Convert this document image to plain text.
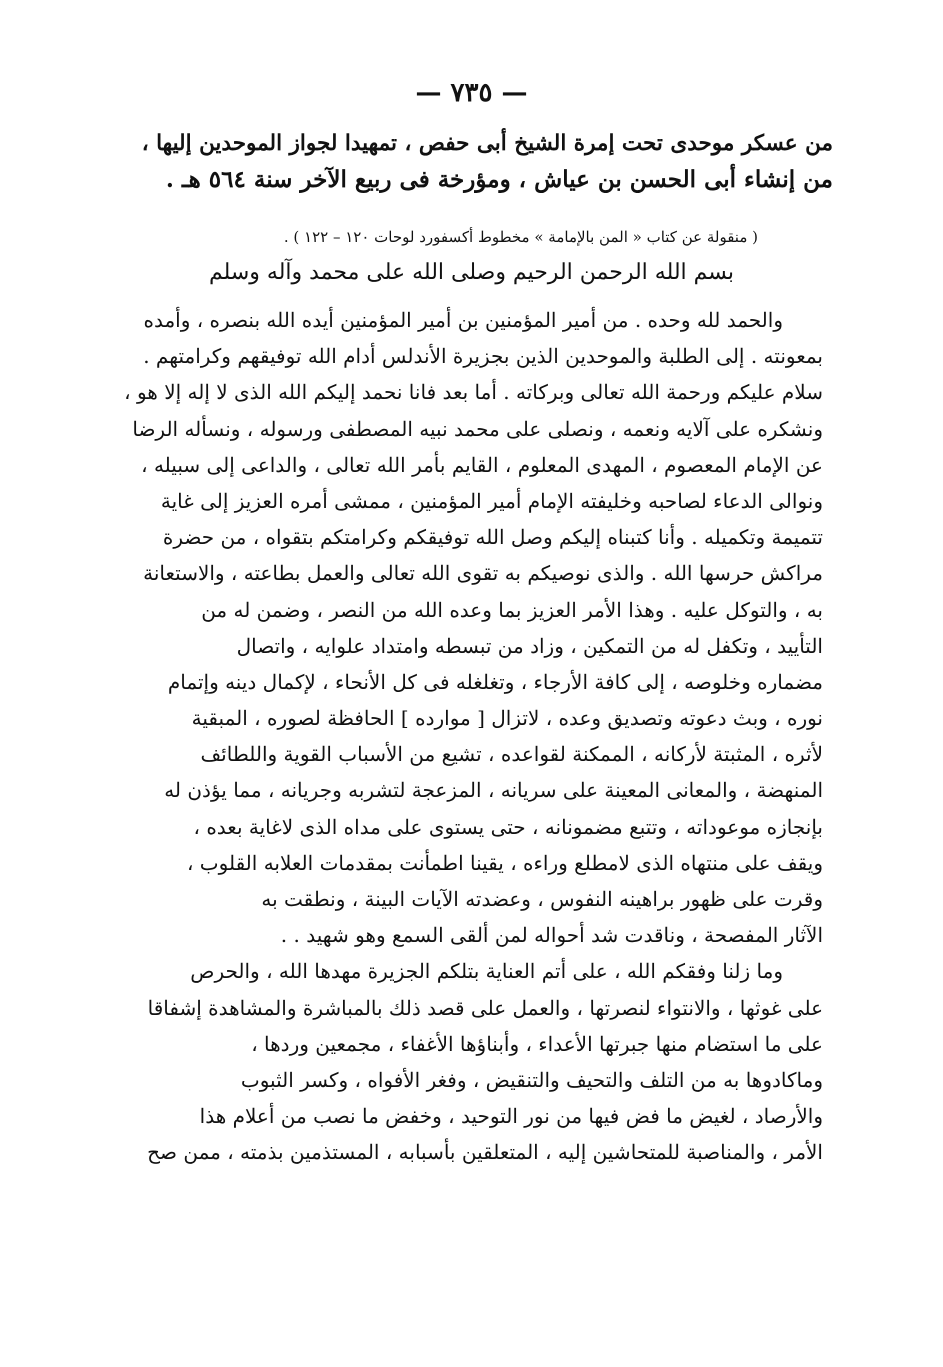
— ٧٣٥ —
من عسكر موحدى تحت إمرة الشيخ أبى حفص ، تمهيدا لجواز الموحدين إليها ،
من إنشاء أبى الحسن بن عياش ، ومؤرخة فى ربيع الآخر سنة ٥٦٤ هـ .
( منقولة عن كتاب « المن بالإمامة » مخطوط أكسفورد لوحات ١٢٠ – ١٢٢ ) .
بسم الله الرحمن الرحيم وصلى الله على محمد وآله وسلم
والحمد لله وحده . من أمير المؤمنين بن أمير المؤمنين أيده الله بنصره ، وأمده
بمعونته . إلى الطلبة والموحدين الذين بجزيرة الأندلس أدام الله توفيقهم وكرامتهم .
سلام عليكم ورحمة الله تعالى وبركاته . أما بعد فانا نحمد إليكم الله الذى لا إله إلا هو ،
ونشكره على آلايه ونعمه ، ونصلى على محمد نبيه المصطفى ورسوله ، ونسأله الرضا
عن الإمام المعصوم ، المهدى المعلوم ، القايم بأمر الله تعالى ، والداعى إلى سبيله ،
ونوالى الدعاء لصاحبه وخليفته الإمام أمير المؤمنين ، ممشى أمره العزيز إلى غاية
تتميمة وتكميله . وأنا كتبناه إليكم وصل الله توفيقكم وكرامتكم بتقواه ، من حضرة
مراكش حرسها الله . والذى نوصيكم به تقوى الله تعالى والعمل بطاعته ، والاستعانة
به ، والتوكل عليه . وهذا الأمر العزيز بما وعده الله من النصر ، وضمن له من
التأييد ، وتكفل له من التمكين ، وزاد من تبسطه وامتداد علوايه ، واتصال
مضماره وخلوصه ، إلى كافة الأرجاء ، وتغلغله فى كل الأنحاء ، لإكمال دينه وإتمام
نوره ، وبث دعوته وتصديق وعده ، لاتزال [ موارده ] الحافظة لصوره ، المبقية
لأثره ، المثبتة لأركانه ، الممكنة لقواعده ، تشيع من الأسباب القوية واللطائف
المنهضة ، والمعانى المعينة على سريانه ، المزعجة لتشربه وجريانه ، مما يؤذن له
بإنجازه موعوداته ، وتتبع مضمونانه ، حتى يستوى على مداه الذى لاغاية بعده ،
ويقف على منتهاه الذى لامطلع وراءه ، يقينا اطمأنت بمقدمات العلابه القلوب ،
وقرت على ظهور براهينه النفوس ، وعضدته الآيات البينة ، ونطقت به
الآثار المفصحة ، وناقدت شد أحواله لمن ألقى السمع وهو شهيد . .
وما زلنا وفقكم الله ، على أتم العناية بتلكم الجزيرة مهدها الله ، والحرص
على غوثها ، والانتواء لنصرتها ، والعمل على قصد ذلك بالمباشرة والمشاهدة إشفاقا
على ما استضام منها جبرتها الأعداء ، وأبناؤها الأغفاء ، مجمعين وردها ،
وماكادوها به من التلف والتحيف والتنقيض ، وفغر الأفواه ، وكسر الثبوب
والأرصاد ، لغيض ما فض فيها من نور التوحيد ، وخفض ما نصب من أعلام هذا
الأمر ، والمناصبة للمتحاشين إليه ، المتعلقين بأسبابه ، المستذمين بذمته ، ممن صح
